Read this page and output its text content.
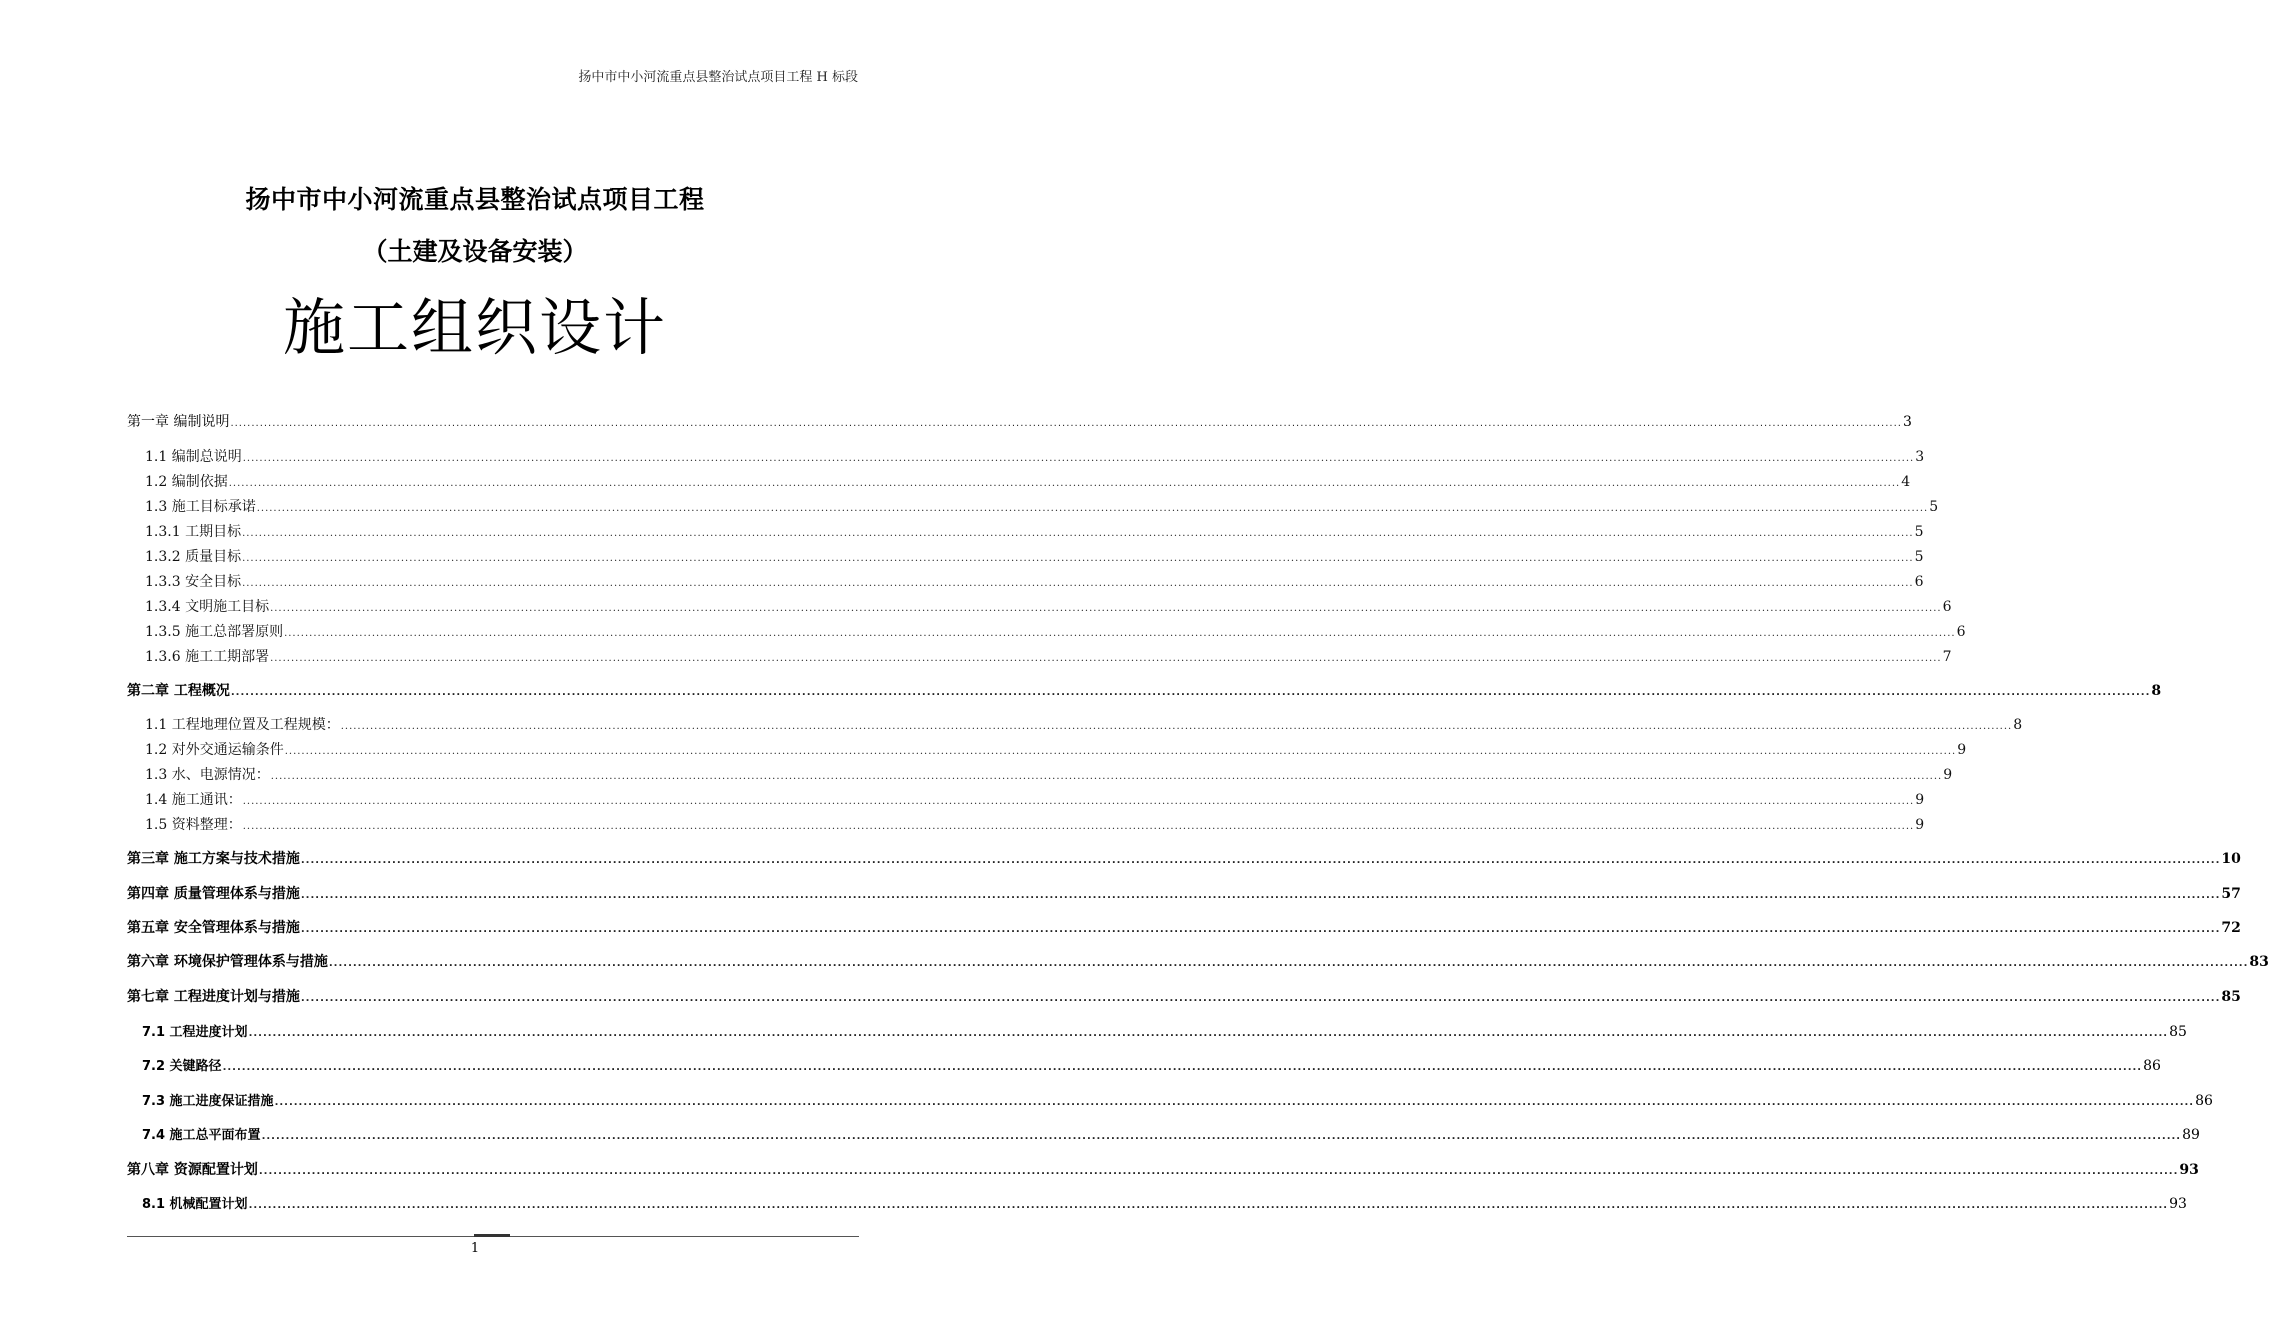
扬中市中小河流重点县整治试点项目工程 H 标段
扬中市中小河流重点县整治试点项目工程
（土建及设备安装）
施工组织设计
第一章 编制说明 ................................................................................................................................................................................................................................................................................................................................................................................................................ 3
1.1 编制总说明 ................................................................................................................................................................................................................................................................................................................................................................................................................ 3
1.2 编制依据 ................................................................................................................................................................................................................................................................................................................................................................................................................ 4
1.3 施工目标承诺 ................................................................................................................................................................................................................................................................................................................................................................................................................ 5
1.3.1 工期目标 ................................................................................................................................................................................................................................................................................................................................................................................................................ 5
1.3.2 质量目标 ................................................................................................................................................................................................................................................................................................................................................................................................................ 5
1.3.3 安全目标 ................................................................................................................................................................................................................................................................................................................................................................................................................ 6
1.3.4 文明施工目标 ................................................................................................................................................................................................................................................................................................................................................................................................................ 6
1.3.5 施工总部署原则 ................................................................................................................................................................................................................................................................................................................................................................................................................ 6
1.3.6 施工工期部署 ................................................................................................................................................................................................................................................................................................................................................................................................................ 7
第二章 工程概况 ................................................................................................................................................................................................................................................................................................................................................................................................................ 8
1.1 工程地理位置及工程规模： ................................................................................................................................................................................................................................................................................................................................................................................................................ 8
1.2 对外交通运输条件 ................................................................................................................................................................................................................................................................................................................................................................................................................ 9
1.3 水、电源情况： ................................................................................................................................................................................................................................................................................................................................................................................................................ 9
1.4 施工通讯： ................................................................................................................................................................................................................................................................................................................................................................................................................ 9
1.5 资料整理： ................................................................................................................................................................................................................................................................................................................................................................................................................ 9
第三章 施工方案与技术措施 ................................................................................................................................................................................................................................................................................................................................................................................................................ 10
第四章 质量管理体系与措施 ................................................................................................................................................................................................................................................................................................................................................................................................................ 57
第五章 安全管理体系与措施 ................................................................................................................................................................................................................................................................................................................................................................................................................ 72
第六章 环境保护管理体系与措施 ................................................................................................................................................................................................................................................................................................................................................................................................................ 83
第七章 工程进度计划与措施 ................................................................................................................................................................................................................................................................................................................................................................................................................ 85
7.1 工程进度计划 ................................................................................................................................................................................................................................................................................................................................................................................................................ 85
7.2 关键路径 ................................................................................................................................................................................................................................................................................................................................................................................................................ 86
7.3 施工进度保证措施 ................................................................................................................................................................................................................................................................................................................................................................................................................ 86
7.4 施工总平面布置 ................................................................................................................................................................................................................................................................................................................................................................................................................ 89
第八章 资源配置计划 ................................................................................................................................................................................................................................................................................................................................................................................................................ 93
8.1 机械配置计划 ................................................................................................................................................................................................................................................................................................................................................................................................................ 93
1
